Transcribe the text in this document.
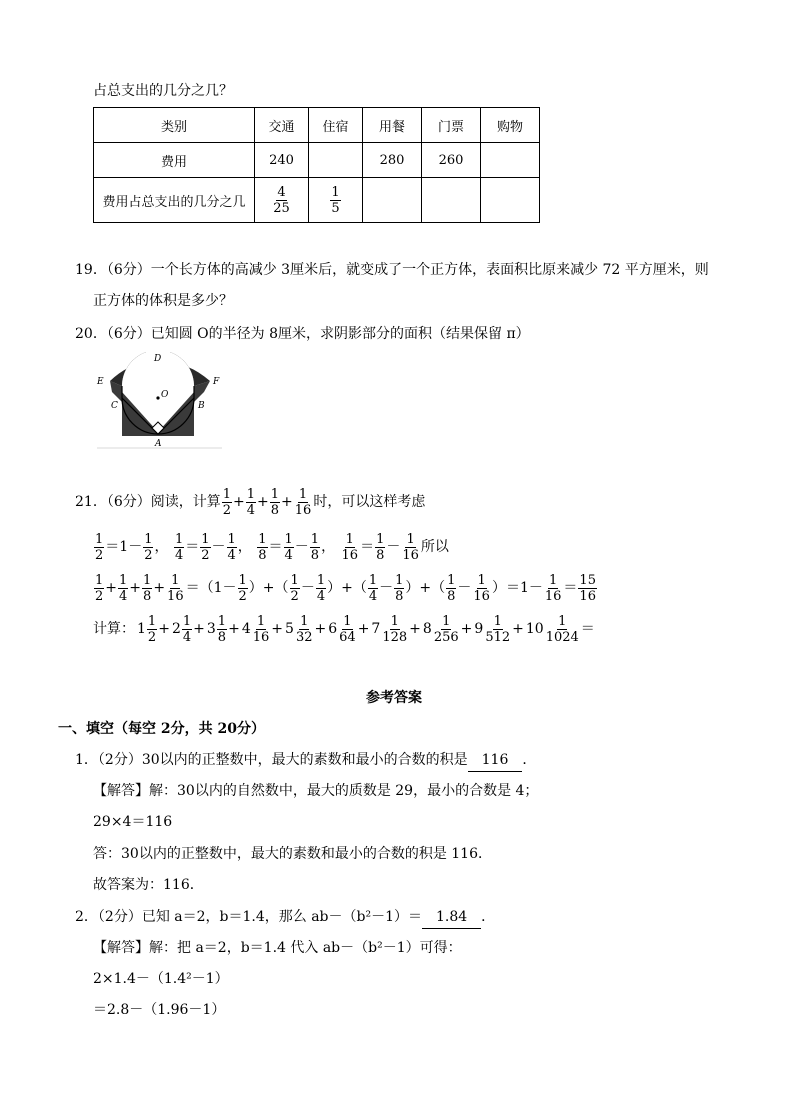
占总支出的几分之几？
类别	交通	住宿	用餐	门票	购物
费用	240		280	260	
费用占总支出的几分之几	$\frac{4}{25}$	$\frac{1}{5}$

19．（6分）一个长方体的高减少 3厘米后，就变成了一个正方体，表面积比原来减少 72 平方厘米，则
正方体的体积是多少？
20．（6分）已知圆 O的半径为 8厘米，求阴影部分的面积（结果保留 π）
D
E	F
C
O
B
A
21．（6分）阅读，计算 $\frac{1}{2} + \frac{1}{4} + \frac{1}{8} + \frac{1}{16}$ 时，可以这样考虑
$\frac{1}{2} =1- \frac{1}{2}$ ， $\frac{1}{4} = \frac{1}{2} - \frac{1}{4}$ ， $\frac{1}{8} = \frac{1}{4} - \frac{1}{8}$ ， $\frac{1}{16} = \frac{1}{8} - \frac{1}{16}$ 所以
$\frac{1}{2} + \frac{1}{4} + \frac{1}{8} + \frac{1}{16} =(1- \frac{1}{2}$ ）+（ $\frac{1}{2} - \frac{1}{4}$ ）+（ $\frac{1}{4} - \frac{1}{8}$ ）+（ $\frac{1}{8} - \frac{1}{16} )=1- \frac{1}{16} = \frac{15}{16}$
计算： $1 \frac{1}{2} + 2 \frac{1}{4} + 3 \frac{1}{8} + 4 \frac{1}{16} + 5 \frac{1}{32} + 6 \frac{1}{64} + 7 \frac{1}{128} + 8 \frac{1}{256} + 9 \frac{1}{512} + 10 \frac{1}{1024}$ ＝
参考答案
一、填空（每空 2分，共 20分）
1．（2分）30以内的正整数中，最大的素数和最小的合数的积是 116 ．
【解答】解：30以内的自然数中，最大的质数是 29，最小的合数是 4；
29×4＝116
答：30以内的正整数中，最大的素数和最小的合数的积是 116．
故答案为：116．
2．（2分）已知 a＝2，b＝1.4，那么 ab－（b²－1）＝ 1.84 ．
【解答】解：把 a＝2，b＝1.4 代入 ab－（b²－1）可得：
2×1.4－（1.4²－1）
＝2.8－（1.96－1）
